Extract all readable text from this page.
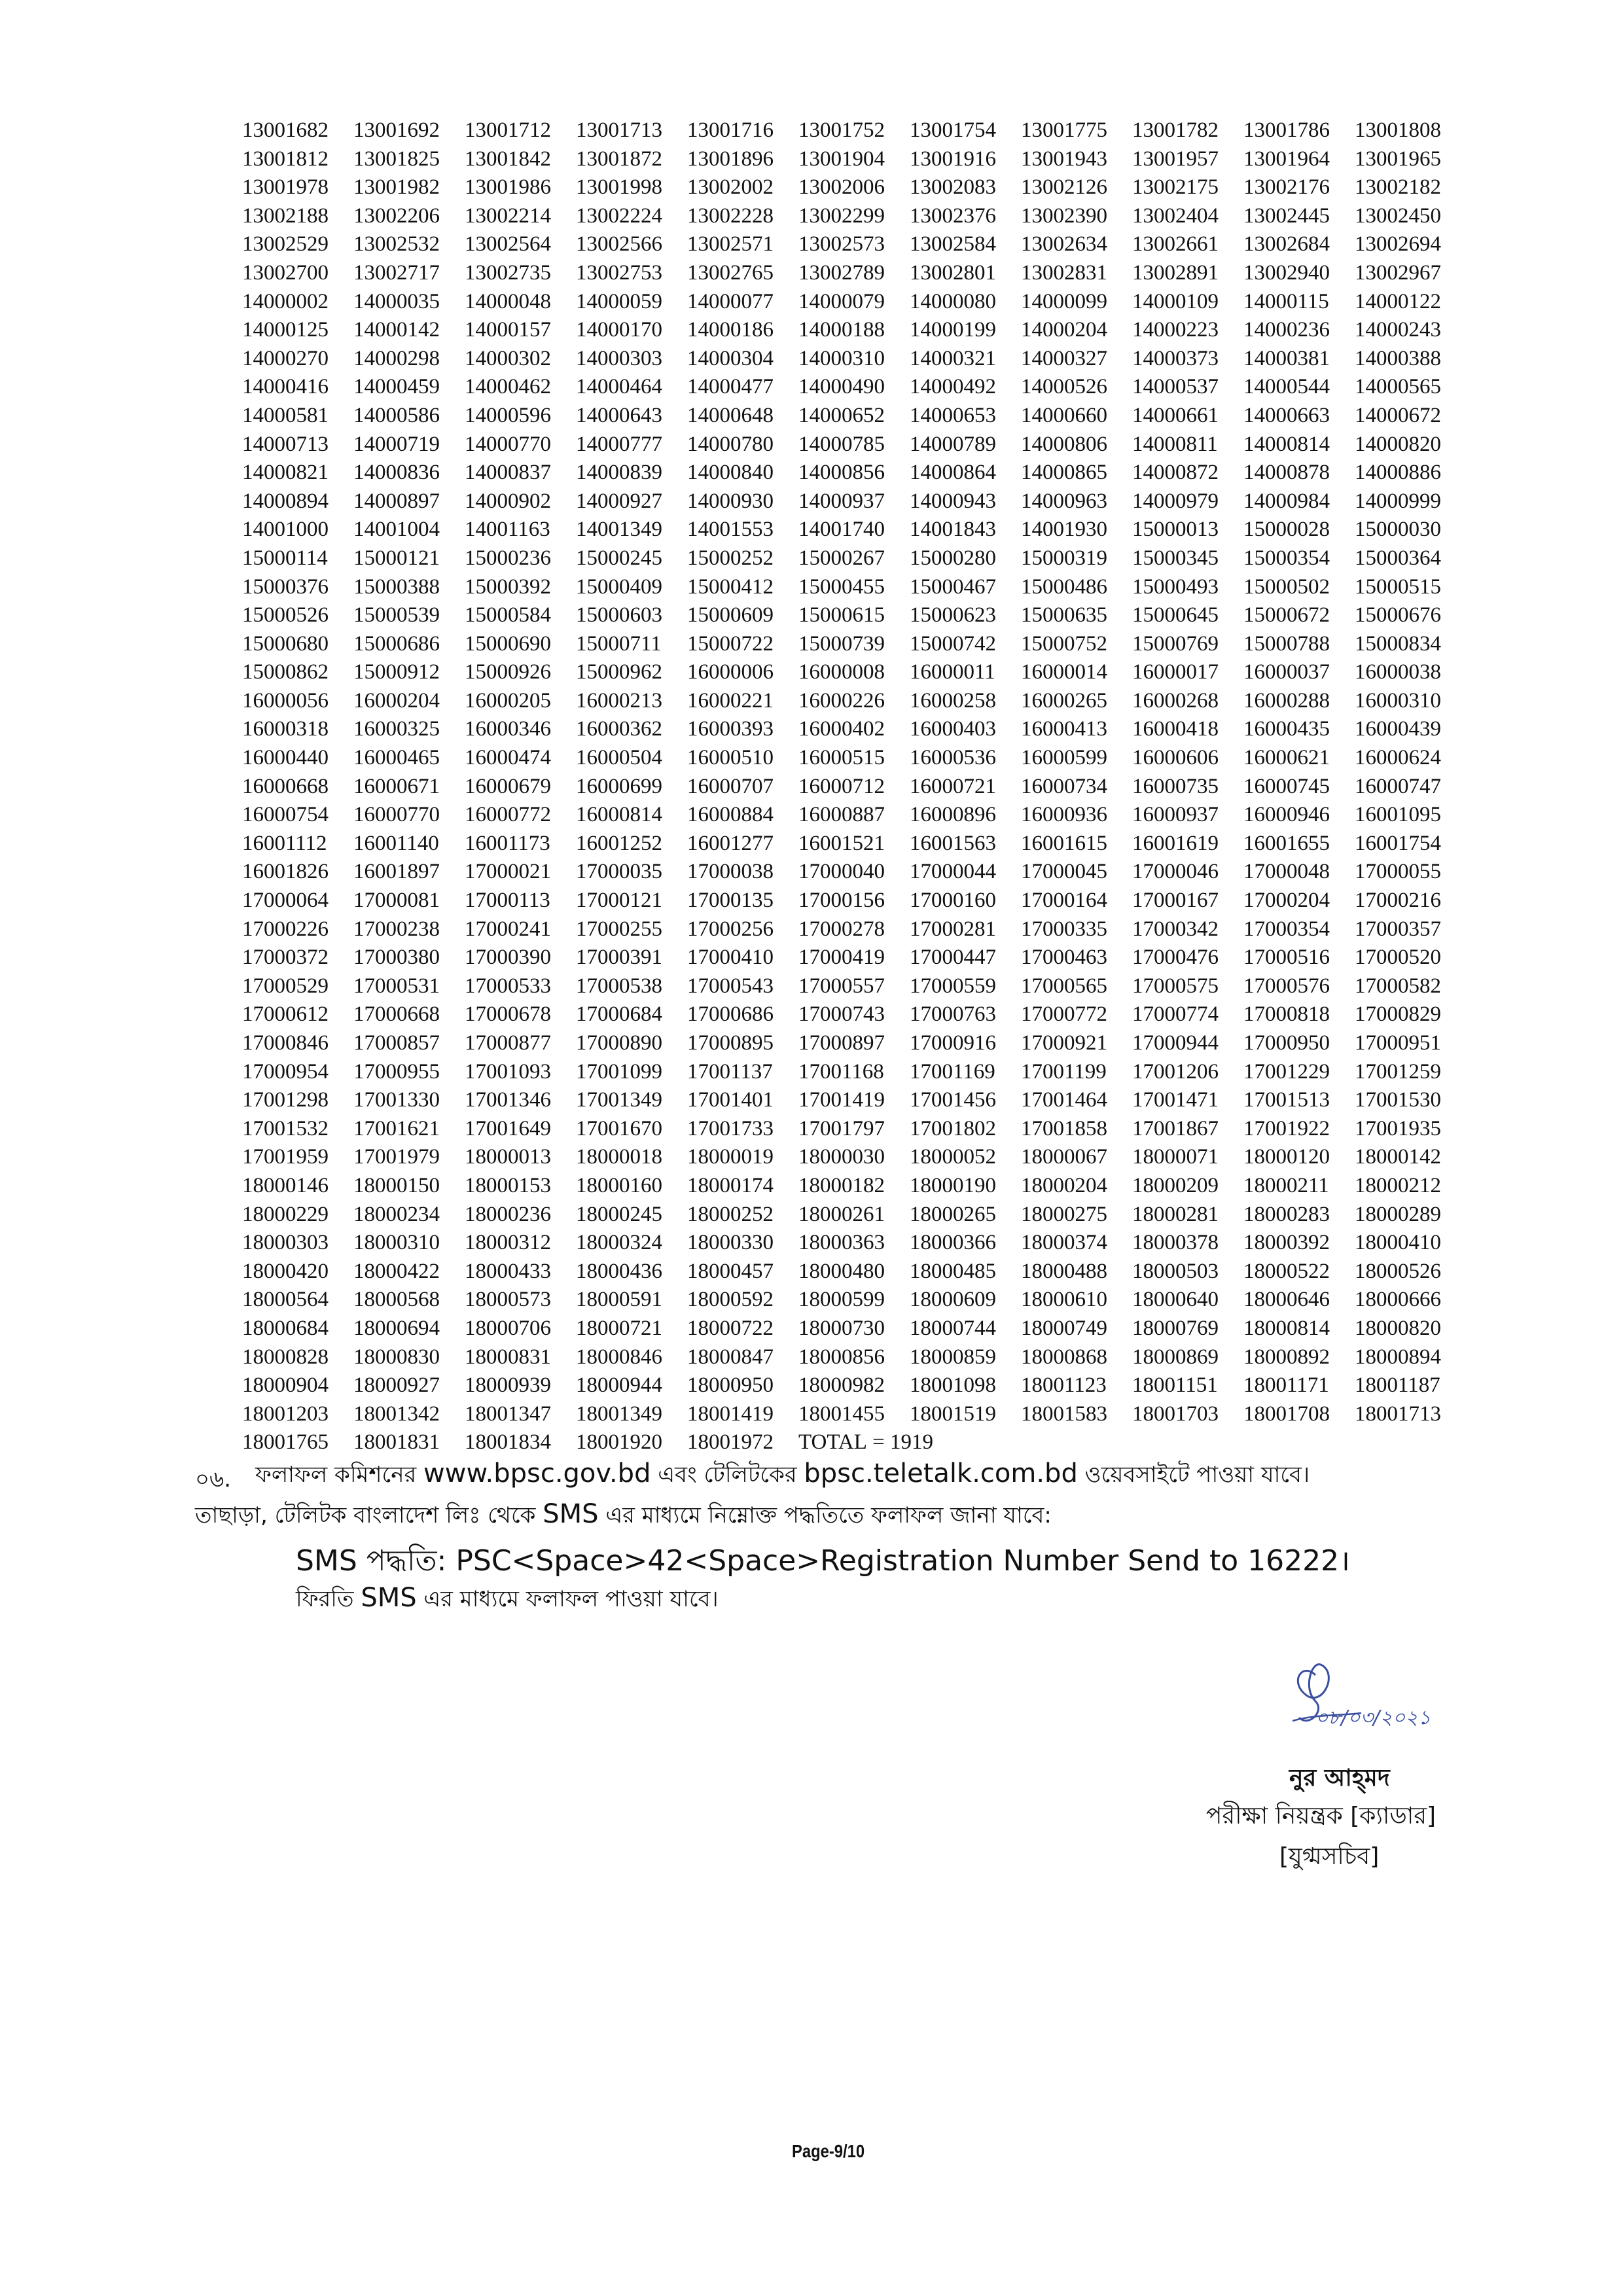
13001682 13001692 13001712 13001713 13001716 13001752 13001754 13001775 13001782 13001786 13001808
13001812 13001825 13001842 13001872 13001896 13001904 13001916 13001943 13001957 13001964 13001965
13001978 13001982 13001986 13001998 13002002 13002006 13002083 13002126 13002175 13002176 13002182
13002188 13002206 13002214 13002224 13002228 13002299 13002376 13002390 13002404 13002445 13002450
13002529 13002532 13002564 13002566 13002571 13002573 13002584 13002634 13002661 13002684 13002694
13002700 13002717 13002735 13002753 13002765 13002789 13002801 13002831 13002891 13002940 13002967
14000002 14000035 14000048 14000059 14000077 14000079 14000080 14000099 14000109 14000115 14000122
14000125 14000142 14000157 14000170 14000186 14000188 14000199 14000204 14000223 14000236 14000243
14000270 14000298 14000302 14000303 14000304 14000310 14000321 14000327 14000373 14000381 14000388
14000416 14000459 14000462 14000464 14000477 14000490 14000492 14000526 14000537 14000544 14000565
14000581 14000586 14000596 14000643 14000648 14000652 14000653 14000660 14000661 14000663 14000672
14000713 14000719 14000770 14000777 14000780 14000785 14000789 14000806 14000811 14000814 14000820
14000821 14000836 14000837 14000839 14000840 14000856 14000864 14000865 14000872 14000878 14000886
14000894 14000897 14000902 14000927 14000930 14000937 14000943 14000963 14000979 14000984 14000999
14001000 14001004 14001163 14001349 14001553 14001740 14001843 14001930 15000013 15000028 15000030
15000114 15000121 15000236 15000245 15000252 15000267 15000280 15000319 15000345 15000354 15000364
15000376 15000388 15000392 15000409 15000412 15000455 15000467 15000486 15000493 15000502 15000515
15000526 15000539 15000584 15000603 15000609 15000615 15000623 15000635 15000645 15000672 15000676
15000680 15000686 15000690 15000711 15000722 15000739 15000742 15000752 15000769 15000788 15000834
15000862 15000912 15000926 15000962 16000006 16000008 16000011 16000014 16000017 16000037 16000038
16000056 16000204 16000205 16000213 16000221 16000226 16000258 16000265 16000268 16000288 16000310
16000318 16000325 16000346 16000362 16000393 16000402 16000403 16000413 16000418 16000435 16000439
16000440 16000465 16000474 16000504 16000510 16000515 16000536 16000599 16000606 16000621 16000624
16000668 16000671 16000679 16000699 16000707 16000712 16000721 16000734 16000735 16000745 16000747
16000754 16000770 16000772 16000814 16000884 16000887 16000896 16000936 16000937 16000946 16001095
16001112 16001140 16001173 16001252 16001277 16001521 16001563 16001615 16001619 16001655 16001754
16001826 16001897 17000021 17000035 17000038 17000040 17000044 17000045 17000046 17000048 17000055
17000064 17000081 17000113 17000121 17000135 17000156 17000160 17000164 17000167 17000204 17000216
17000226 17000238 17000241 17000255 17000256 17000278 17000281 17000335 17000342 17000354 17000357
17000372 17000380 17000390 17000391 17000410 17000419 17000447 17000463 17000476 17000516 17000520
17000529 17000531 17000533 17000538 17000543 17000557 17000559 17000565 17000575 17000576 17000582
17000612 17000668 17000678 17000684 17000686 17000743 17000763 17000772 17000774 17000818 17000829
17000846 17000857 17000877 17000890 17000895 17000897 17000916 17000921 17000944 17000950 17000951
17000954 17000955 17001093 17001099 17001137 17001168 17001169 17001199 17001206 17001229 17001259
17001298 17001330 17001346 17001349 17001401 17001419 17001456 17001464 17001471 17001513 17001530
17001532 17001621 17001649 17001670 17001733 17001797 17001802 17001858 17001867 17001922 17001935
17001959 17001979 18000013 18000018 18000019 18000030 18000052 18000067 18000071 18000120 18000142
18000146 18000150 18000153 18000160 18000174 18000182 18000190 18000204 18000209 18000211 18000212
18000229 18000234 18000236 18000245 18000252 18000261 18000265 18000275 18000281 18000283 18000289
18000303 18000310 18000312 18000324 18000330 18000363 18000366 18000374 18000378 18000392 18000410
18000420 18000422 18000433 18000436 18000457 18000480 18000485 18000488 18000503 18000522 18000526
18000564 18000568 18000573 18000591 18000592 18000599 18000609 18000610 18000640 18000646 18000666
18000684 18000694 18000706 18000721 18000722 18000730 18000744 18000749 18000769 18000814 18000820
18000828 18000830 18000831 18000846 18000847 18000856 18000859 18000868 18000869 18000892 18000894
18000904 18000927 18000939 18000944 18000950 18000982 18001098 18001123 18001151 18001171 18001187
18001203 18001342 18001347 18001349 18001419 18001455 18001519 18001583 18001703 18001708 18001713
18001765 18001831 18001834 18001920 18001972 TOTAL = 1919
০৬. ফলাফল কমিশনের www.bpsc.gov.bd এবং টেলিটকের bpsc.teletalk.com.bd ওয়েবসাইটে পাওয়া যাবে।
তাছাড়া, টেলিটক বাংলাদেশ লিঃ থেকে SMS এর মাধ্যমে নিম্নোক্ত পদ্ধতিতে ফলাফল জানা যাবে:
SMS পদ্ধতি: PSC<Space>42<Space>Registration Number Send to 16222।
ফিরতি SMS এর মাধ্যমে ফলাফল পাওয়া যাবে।
০৮/০৩/২০২১
নুর আহ্‌মদ
পরীক্ষা নিয়ন্ত্রক [ক্যাডার]
[যুগ্মসচিব]
Page-9/10
